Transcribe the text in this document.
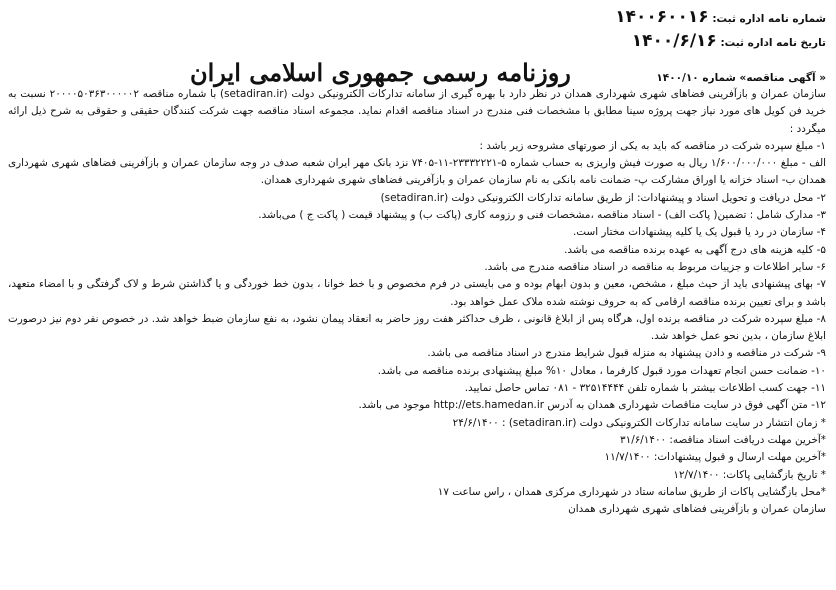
شماره نامه اداره ثبت: ۱۴۰۰۶۰۰۱۶
تاریخ نامه اداره ثبت: ۱۴۰۰/۶/۱۶
روزنامه رسمی جمهوری اسلامی ایران	« آگهی مناقصه» شماره ۱۴۰۰/۱۰

سازمان عمران و بازآفرینی فضاهای شهری شهرداری همدان در نظر دارد با بهره گیری از سامانه تدارکات الکترونیکی دولت (setadiran.ir) با شماره مناقصه ۲۰۰۰۰۵۰۳۶۳۰۰۰۰۰۲ نسبت به خرید فن کویل های مورد نیاز جهت پروژه سینا مطابق با مشخصات فنی مندرج در اسناد مناقصه اقدام نماید. مجموعه اسناد مناقصه جهت شرکت کنندگان حقیقی و حقوقی به شرح ذیل ارائه میگردد :

۱- مبلغ سپرده شرکت در مناقصه که باید به یکی از صورتهای مشروحه زیر باشد :

الف - مبلغ ۱/۶۰۰/۰۰۰/۰۰۰ ریال به صورت فیش واریزی به حساب شماره ۵-۲۳۳۳۲۲۲۱-۱۱-۷۴۰۵ نزد بانک مهر ایران شعبه صدف در وجه سازمان عمران و بازآفرینی فضاهای شهری شهرداری همدان ب- اسناد خزانه یا اوراق مشارکت پ- ضمانت نامه بانکی به نام سازمان عمران و بازآفرینی فضاهای شهری شهرداری همدان.

۲- محل دریافت و تحویل اسناد و پیشنهادات: از طریق سامانه تدارکات الکترونیکی دولت (setadiran.ir)

۳- مدارک شامل : تضمین( پاکت الف) - اسناد مناقصه ،مشخصات فنی و رزومه کاری (پاکت ب) و پیشنهاد قیمت ( پاکت ج ) می‌باشد.

۴- سازمان در رد یا قبول یک یا کلیه پیشنهادات مختار است.

۵- کلیه هزینه های درج آگهی به عهده برنده مناقصه می باشد.

۶- سایر اطلاعات و جزییات مربوط به مناقصه در اسناد مناقصه مندرج می باشد.

۷- بهای پیشنهادی باید از حیث مبلغ ، مشخص، معین و بدون ابهام بوده و می بایستی در فرم مخصوص و با خط خوانا ، بدون خط خوردگی و یا گذاشتن شرط و لاک گرفتگی و با امضاء متعهد، باشد و برای تعیین برنده مناقصه ارقامی که به حروف نوشته شده ملاک عمل خواهد بود.

۸- مبلغ سپرده شرکت در مناقصه برنده اول، هرگاه پس از ابلاغ قانونی ، ظرف حداکثر هفت روز حاضر به انعقاد پیمان نشود، به نفع سازمان ضبط خواهد شد. در خصوص نفر دوم نیز درصورت ابلاغ سازمان ، بدین نحو عمل خواهد شد.

۹- شرکت در مناقصه و دادن پیشنهاد به منزله قبول شرایط مندرج در اسناد مناقصه می باشد.

۱۰- ضمانت حسن انجام تعهدات مورد قبول کارفرما ، معادل ۱۰% مبلغ پیشنهادی برنده مناقصه می باشد.

۱۱- جهت کسب اطلاعات بیشتر با شماره تلفن ۳۲۵۱۴۴۴۴ - ۰۸۱ تماس حاصل نمایید.

۱۲- متن آگهی فوق در سایت مناقصات شهرداری همدان به آدرس http://ets.hamedan.ir موجود می باشد.

* زمان انتشار در سایت سامانه تدارکات الکترونیکی دولت (setadiran.ir) : ۲۴/۶/۱۴۰۰

*آخرین مهلت دریافت اسناد مناقصه: ۳۱/۶/۱۴۰۰

*آخرین مهلت ارسال و قبول پیشنهادات: ۱۱/۷/۱۴۰۰

* تاریخ بازگشایی پاکات: ۱۲/۷/۱۴۰۰

*محل بازگشایی پاکات از طریق سامانه ستاد در شهرداری مرکزی همدان ، راس ساعت ۱۷

سازمان عمران و بازآفرینی فضاهای شهری شهرداری همدان
